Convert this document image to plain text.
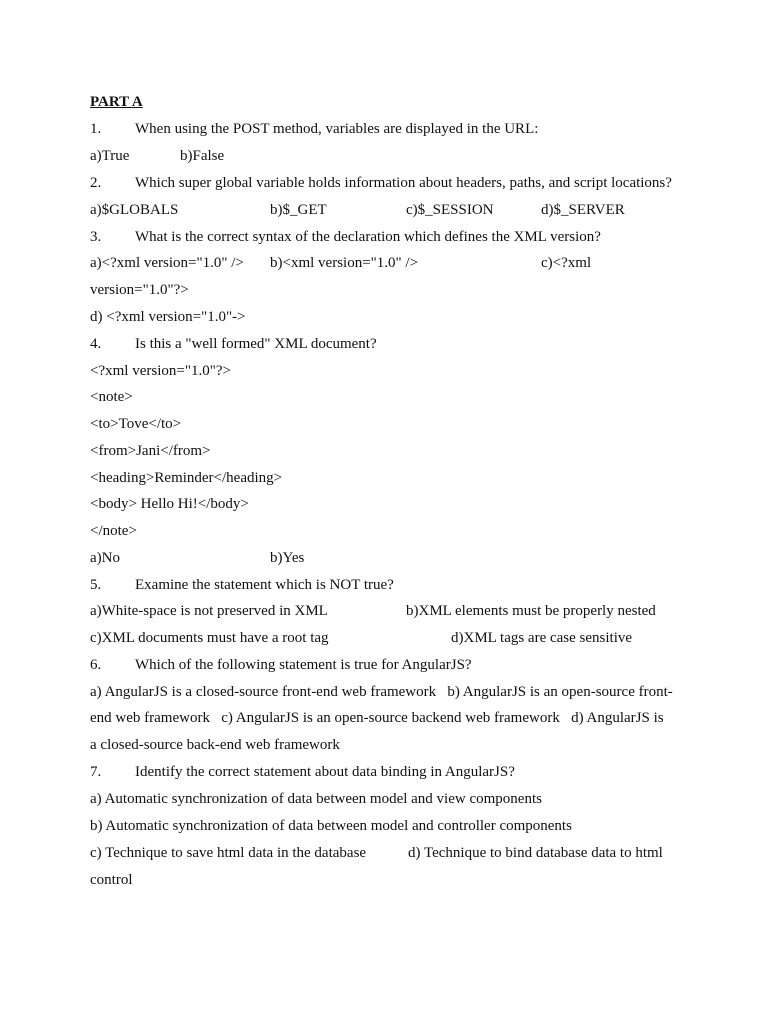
PART A
1. When using the POST method, variables are displayed in the URL:
a)True	b)False
2. Which super global variable holds information about headers, paths, and script locations?
a)$GLOBALS	b)$_GET	c)$_SESSION	d)$_SERVER
3. What is the correct syntax of the declaration which defines the XML version?
a)<?xml version="1.0" /> b)<xml version="1.0" />	c)<?xml
version="1.0"?>
d) <?xml version="1.0"->
4. Is this a "well formed" XML document?
<?xml version="1.0"?>
<note>
<to>Tove</to>
<from>Jani</from>
<heading>Reminder</heading>
<body> Hello Hi!</body>
</note>
a)No	b)Yes
5. Examine the statement which is NOT true?
a)White-space is not preserved in XML	b)XML elements must be properly nested
c)XML documents must have a root tag	d)XML tags are case sensitive
6. Which of the following statement is true for AngularJS?
a) AngularJS is a closed-source front-end web framework   b) AngularJS is an open-source front-
end web framework   c) AngularJS is an open-source backend web framework   d) AngularJS is
a closed-source back-end web framework
7. Identify the correct statement about data binding in AngularJS?
a) Automatic synchronization of data between model and view components
b) Automatic synchronization of data between model and controller components
c) Technique to save html data in the database	d) Technique to bind database data to html
control
